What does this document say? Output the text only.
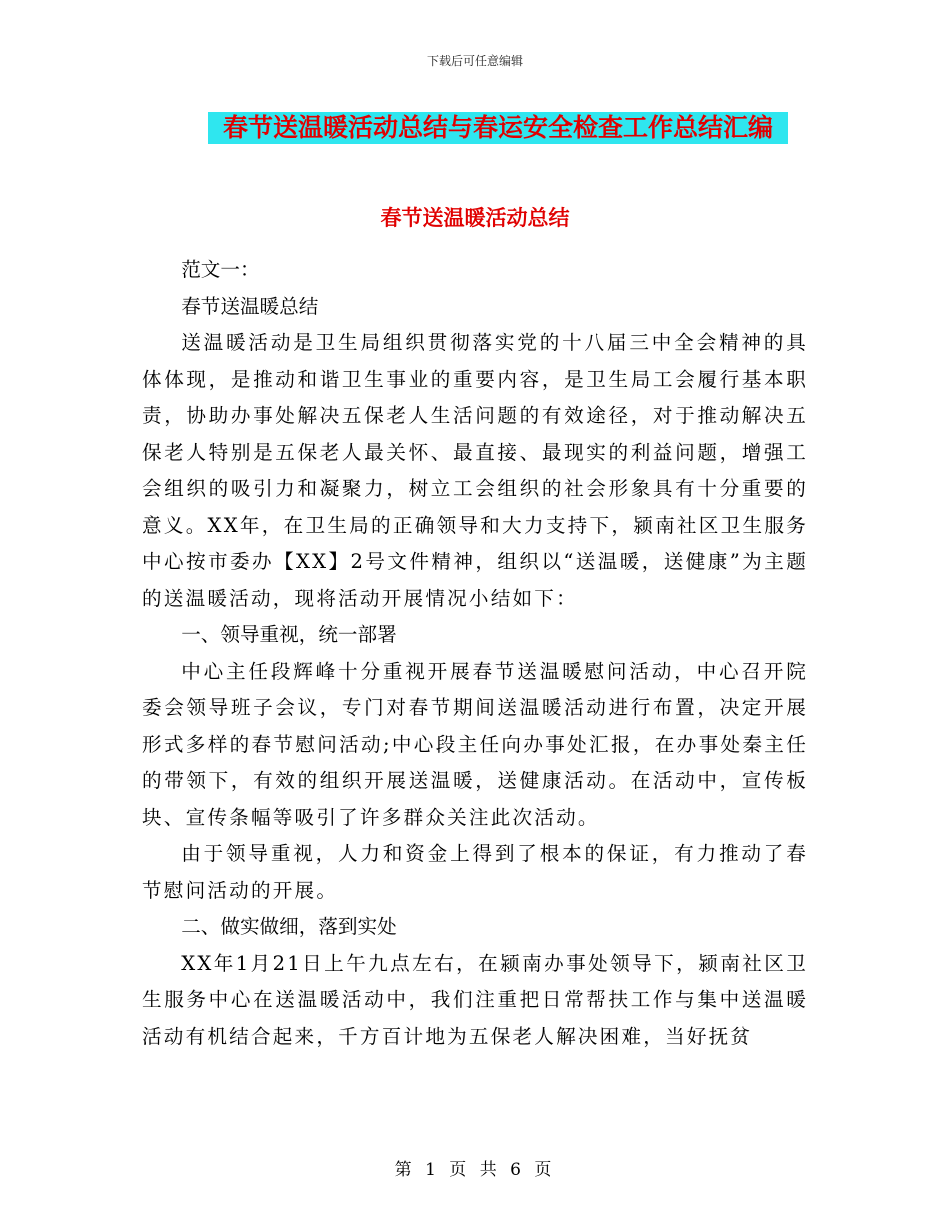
下载后可任意编辑
春节送温暖活动总结与春运安全检查工作总结汇编
春节送温暖活动总结

范文一：

春节送温暖总结

送温暖活动是卫生局组织贯彻落实党的十八届三中全会精神的具体体现，是推动和谐卫生事业的重要内容，是卫生局工会履行基本职责，协助办事处解决五保老人生活问题的有效途径，对于推动解决五保老人特别是五保老人最关怀、最直接、最现实的利益问题，增强工会组织的吸引力和凝聚力，树立工会组织的社会形象具有十分重要的意义。XX年，在卫生局的正确领导和大力支持下，颍南社区卫生服务中心按市委办【XX】2号文件精神，组织以“送温暖，送健康”为主题的送温暖活动，现将活动开展情况小结如下：

一、领导重视，统一部署

中心主任段辉峰十分重视开展春节送温暖慰问活动，中心召开院委会领导班子会议，专门对春节期间送温暖活动进行布置，决定开展形式多样的春节慰问活动;中心段主任向办事处汇报，在办事处秦主任的带领下，有效的组织开展送温暖，送健康活动。在活动中，宣传板块、宣传条幅等吸引了许多群众关注此次活动。

由于领导重视，人力和资金上得到了根本的保证，有力推动了春节慰问活动的开展。

二、做实做细，落到实处

XX年1月21日上午九点左右，在颍南办事处领导下，颍南社区卫生服务中心在送温暖活动中，我们注重把日常帮扶工作与集中送温暖活动有机结合起来，千方百计地为五保老人解决困难，当好抚贫

第 1 页 共 6 页
